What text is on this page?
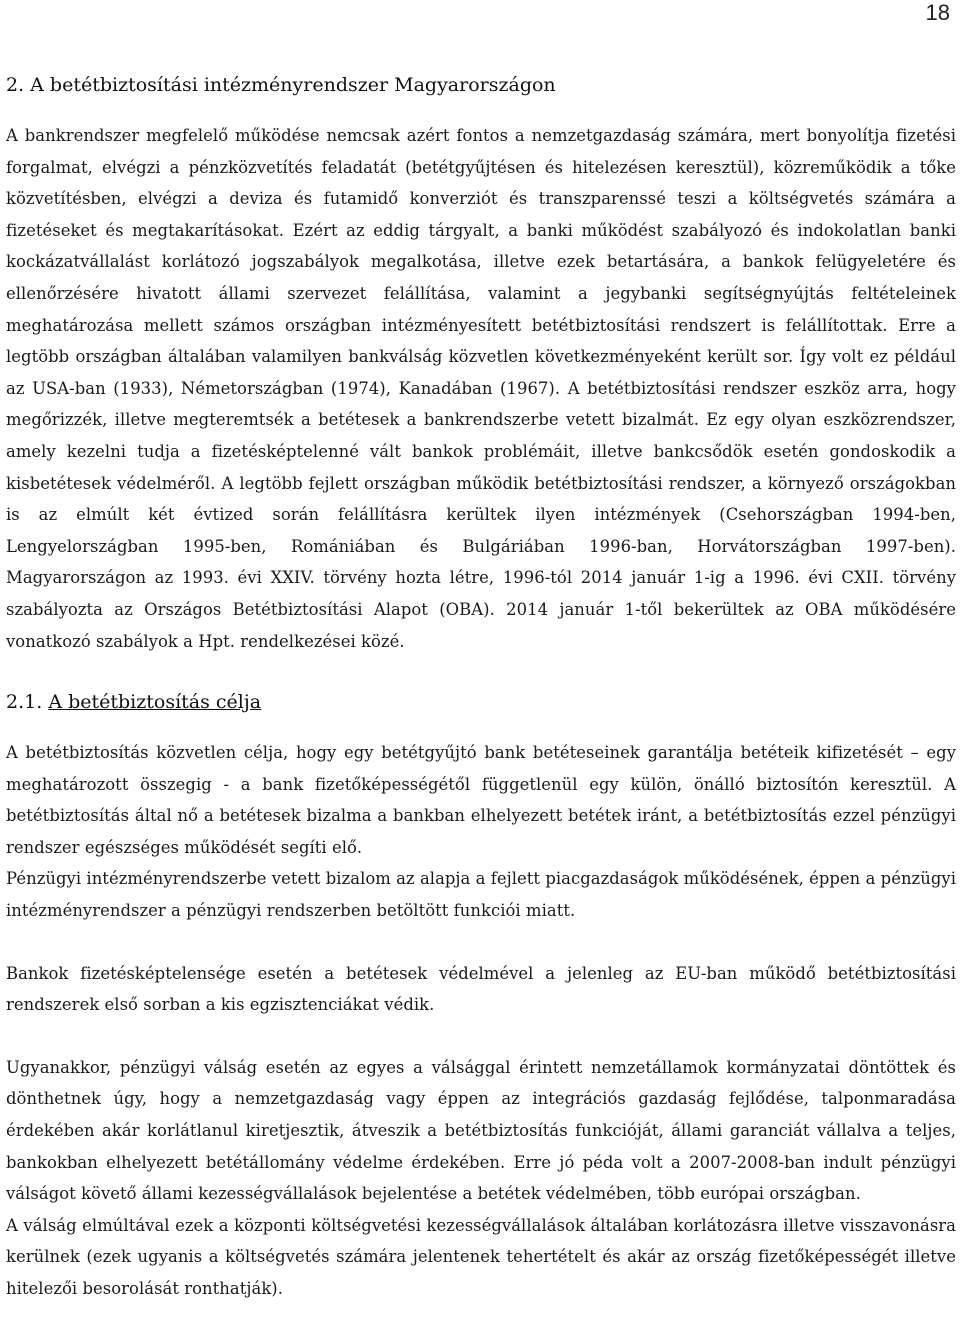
18
2. A betétbiztosítási intézményrendszer Magyarországon

A bankrendszer megfelelő működése nemcsak azért fontos a nemzetgazdaság számára, mert bonyolítja fizetési forgalmat, elvégzi a pénzközvetítés feladatát (betétgyűjtésen és hitelezésen keresztül), közreműködik a tőke közvetítésben, elvégzi a deviza és futamidő konverziót és transzparenssé teszi a költségvetés számára a fizetéseket és megtakarításokat. Ezért az eddig tárgyalt, a banki működést szabályozó és indokolatlan banki kockázatvállalást korlátozó jogszabályok megalkotása, illetve ezek betartására, a bankok felügyeletére és ellenőrzésére hivatott állami szervezet felállítása, valamint a jegybanki segítségnyújtás feltételeinek meghatározása mellett számos országban intézményesített betétbiztosítási rendszert is felállítottak. Erre a legtöbb országban általában valamilyen bankválság közvetlen következményeként került sor. Így volt ez például az USA-ban (1933), Németországban (1974), Kanadában (1967). A betétbiztosítási rendszer eszköz arra, hogy megőrizzék, illetve megteremtsék a betétesek a bankrendszerbe vetett bizalmát. Ez egy olyan eszközrendszer, amely kezelni tudja a fizetésképtelenné vált bankok problémáit, illetve bankcsődök esetén gondoskodik a kisbetétesek védelméről. A legtöbb fejlett országban működik betétbiztosítási rendszer, a környező országokban is az elmúlt két évtized során felállításra kerültek ilyen intézmények (Csehországban 1994-ben, Lengyelországban 1995-ben, Romániában és Bulgáriában 1996-ban, Horvátországban 1997-ben). Magyarországon az 1993. évi XXIV. törvény hozta létre, 1996-tól 2014 január 1-ig a 1996. évi CXII. törvény szabályozta az Országos Betétbiztosítási Alapot (OBA). 2014 január 1-től bekerültek az OBA működésére vonatkozó szabályok a Hpt. rendelkezései közé.

2.1. A betétbiztosítás célja

A betétbiztosítás közvetlen célja, hogy egy betétgyűjtó bank betéteseinek garantálja betéteik kifizetését – egy meghatározott összegig - a bank fizetőképességétől függetlenül egy külön, önálló biztosítón keresztül. A betétbiztosítás által nő a betétesek bizalma a bankban elhelyezett betétek iránt, a betétbiztosítás ezzel pénzügyi rendszer egészséges működését segíti elő.

Pénzügyi intézményrendszerbe vetett bizalom az alapja a fejlett piacgazdaságok működésének, éppen a pénzügyi intézményrendszer a pénzügyi rendszerben betöltött funkciói miatt.

Bankok fizetésképtelensége esetén a betétesek védelmével a jelenleg az EU-ban működő betétbiztosítási rendszerek első sorban a kis egzisztenciákat védik.

Ugyanakkor, pénzügyi válság esetén az egyes a válsággal érintett nemzetállamok kormányzatai döntöttek és dönthetnek úgy, hogy a nemzetgazdaság vagy éppen az integrációs gazdaság fejlődése, talponmaradása érdekében akár korlátlanul kiretjesztik, átveszik a betétbiztosítás funkcióját, állami garanciát vállalva a teljes, bankokban elhelyezett betétállomány védelme érdekében. Erre jó péda volt a 2007-2008-ban indult pénzügyi válságot követő állami kezességvállalások bejelentése a betétek védelmében, több európai országban.

A válság elmúltával ezek a központi költségvetési kezességvállalások általában korlátozásra illetve visszavonásra kerülnek (ezek ugyanis a költségvetés számára jelentenek tehertételt és akár az ország fizetőképességét illetve hitelezői besorolását ronthatják).
